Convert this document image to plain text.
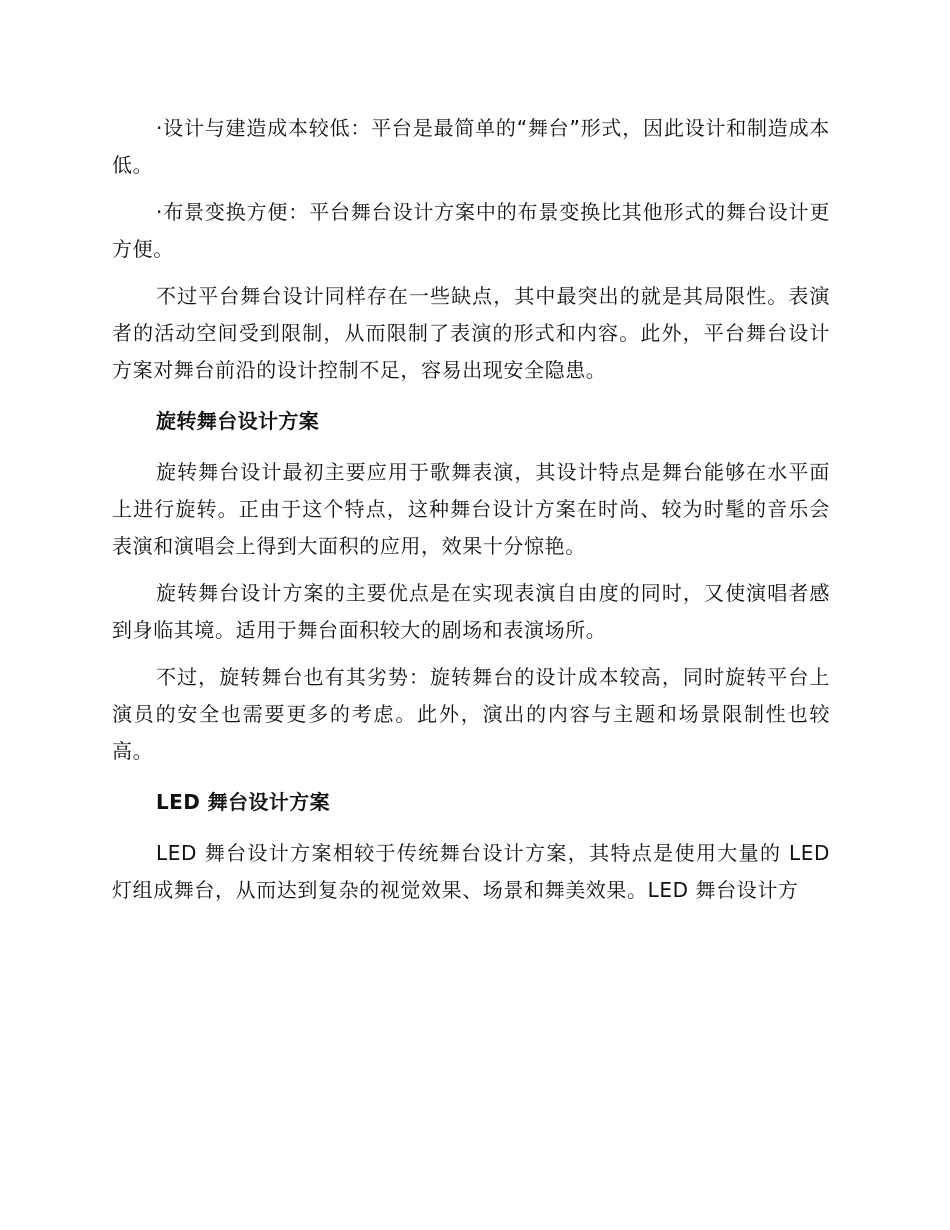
·设计与建造成本较低：平台是最简单的“舞台”形式，因此设计和制造成本低。

·布景变换方便：平台舞台设计方案中的布景变换比其他形式的舞台设计更方便。

不过平台舞台设计同样存在一些缺点，其中最突出的就是其局限性。表演者的活动空间受到限制，从而限制了表演的形式和内容。此外，平台舞台设计方案对舞台前沿的设计控制不足，容易出现安全隐患。

旋转舞台设计方案

旋转舞台设计最初主要应用于歌舞表演，其设计特点是舞台能够在水平面上进行旋转。正由于这个特点，这种舞台设计方案在时尚、较为时髦的音乐会表演和演唱会上得到大面积的应用，效果十分惊艳。

旋转舞台设计方案的主要优点是在实现表演自由度的同时，又使演唱者感到身临其境。适用于舞台面积较大的剧场和表演场所。

不过，旋转舞台也有其劣势：旋转舞台的设计成本较高，同时旋转平台上演员的安全也需要更多的考虑。此外，演出的内容与主题和场景限制性也较高。

LED 舞台设计方案

LED 舞台设计方案相较于传统舞台设计方案，其特点是使用大量的 LED 灯组成舞台，从而达到复杂的视觉效果、场景和舞美效果。LED 舞台设计方
